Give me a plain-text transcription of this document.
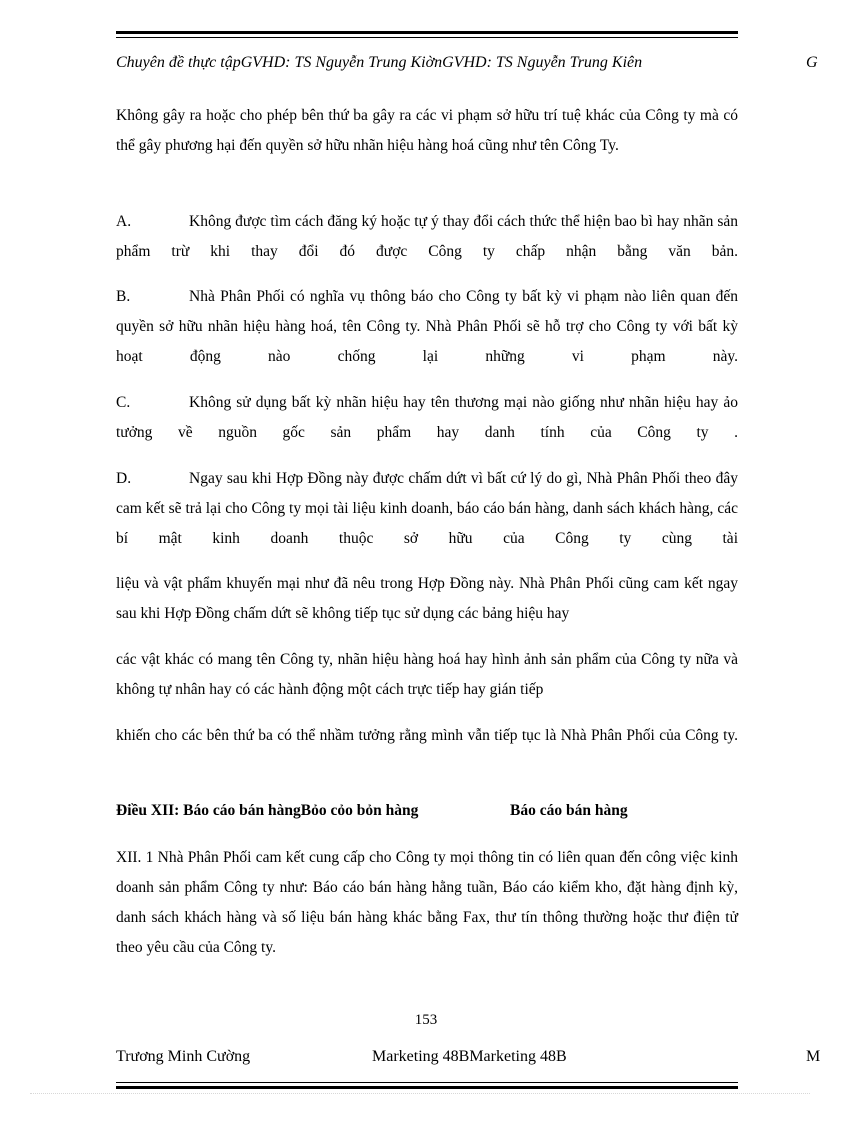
Chuyên đề thực tậpGVHD: TS Nguyễn Trung KiờnGVHD: TS Nguyễn Trung Kiên	G
Không gây ra hoặc cho phép bên thứ ba gây ra các vi phạm sở hữu trí tuệ khác của Công ty mà có thể gây phương hại đến quyền sở hữu nhãn hiệu hàng hoá cũng như tên Công Ty.
A.	Không được tìm cách đăng ký hoặc tự ý thay đổi cách thức thể hiện bao bì hay nhãn sản phẩm trừ khi thay đổi đó được Công ty chấp nhận bằng văn bản.
B.	Nhà Phân Phối có nghĩa vụ thông báo cho Công ty bất kỳ vi phạm nào liên quan đến quyền sở hữu nhãn hiệu hàng hoá, tên Công ty. Nhà Phân Phối sẽ hỗ trợ cho Công ty với bất kỳ hoạt động nào chống lại những vi phạm này.
C.	Không sử dụng bất kỳ nhãn hiệu hay tên thương mại nào giống như nhãn hiệu hay ảo tưởng về nguồn gốc sản phẩm hay danh tính của Công ty .
D.	Ngay sau khi Hợp Đồng này được chấm dứt vì bất cứ lý do gì, Nhà Phân Phối theo đây cam kết sẽ trả lại cho Công ty mọi tài liệu kinh doanh, báo cáo bán hàng, danh sách khách hàng, các bí mật kinh doanh thuộc sở hữu của Công ty cùng tài
liệu và vật phẩm khuyến mại như đã nêu trong Hợp Đồng này. Nhà Phân Phối cũng cam kết ngay sau khi Hợp Đồng chấm dứt sẽ không tiếp tục sử dụng các bảng hiệu hay
các vật khác có mang tên Công ty, nhãn hiệu hàng hoá hay hình ảnh sản phẩm của Công ty nữa và không tự nhân hay có các hành động một cách trực tiếp hay gián tiếp
khiến cho các bên thứ ba có thể nhầm tưởng rằng mình vẫn tiếp tục là Nhà Phân Phối của Công ty.
Điều XII: Báo cáo bán hàngBỏo cỏo bỏn hàng	Báo cáo bán hàng
XII. 1 Nhà Phân Phối cam kết cung cấp cho Công ty mọi thông tin có liên quan đến công việc kinh doanh sản phẩm Công ty như: Báo cáo bán hàng hằng tuần, Báo cáo kiểm kho, đặt hàng định kỳ, danh sách khách hàng và số liệu bán hàng khác bằng Fax, thư tín thông thường hoặc thư điện tử theo yêu cầu của Công ty.
153
Trương Minh Cường	Marketing 48BMarketing 48B	M
